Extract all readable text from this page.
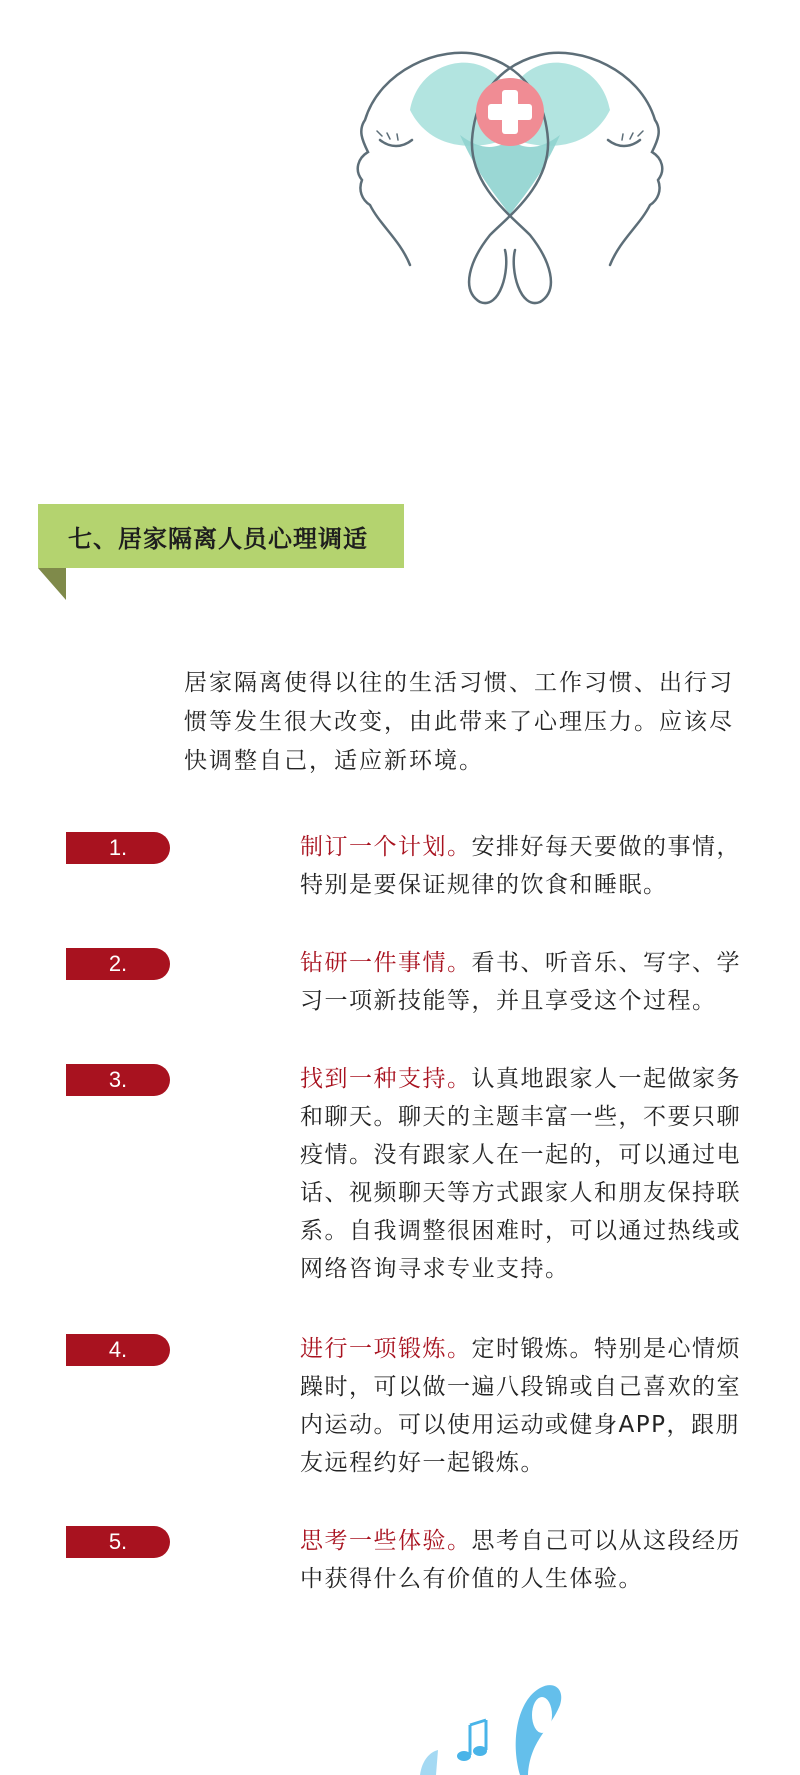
七、居家隔离人员心理调适
居家隔离使得以往的生活习惯、工作习惯、出行习惯等发生很大改变，由此带来了心理压力。应该尽快调整自己，适应新环境。
1.	制订一个计划。安排好每天要做的事情，特别是要保证规律的饮食和睡眠。
2.	钻研一件事情。看书、听音乐、写字、学习一项新技能等，并且享受这个过程。
3.	找到一种支持。认真地跟家人一起做家务和聊天。聊天的主题丰富一些，不要只聊疫情。没有跟家人在一起的，可以通过电话、视频聊天等方式跟家人和朋友保持联系。自我调整很困难时，可以通过热线或网络咨询寻求专业支持。
4.	进行一项锻炼。定时锻炼。特别是心情烦躁时，可以做一遍八段锦或自己喜欢的室内运动。可以使用运动或健身APP，跟朋友远程约好一起锻炼。
5.	思考一些体验。思考自己可以从这段经历中获得什么有价值的人生体验。
